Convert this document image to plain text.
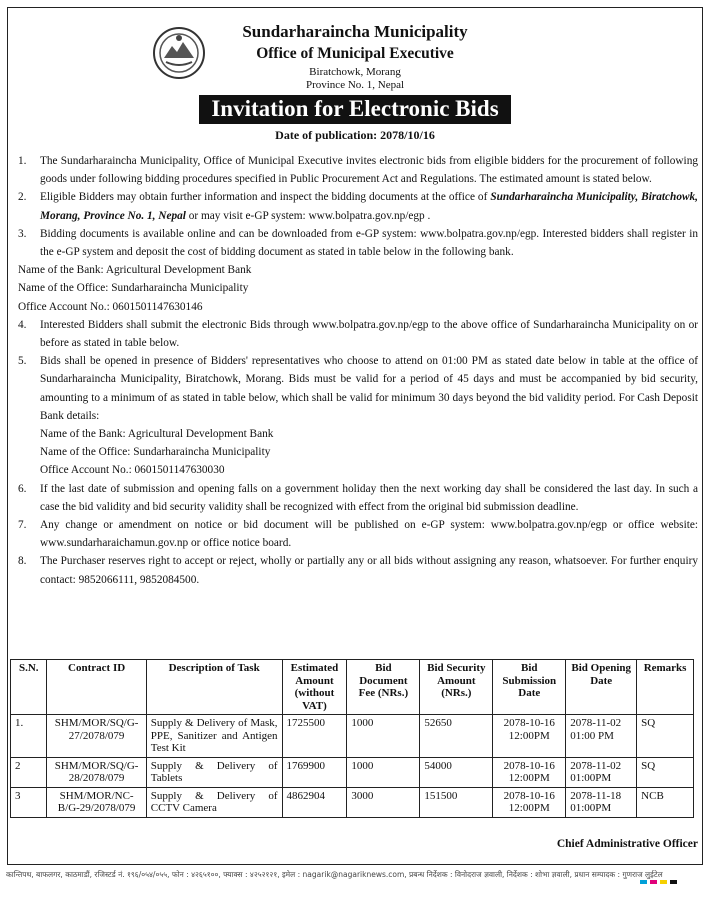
Sundarharaincha Municipality
Office of Municipal Executive
Biratchowk, Morang
Province No. 1, Nepal
Invitation for Electronic Bids
Date of publication: 2078/10/16
1.	The Sundarharaincha Municipality, Office of Municipal Executive invites electronic bids from eligible bidders for the procurement of following goods under following bidding procedures specified in Public Procurement Act and Regulations. The estimated amount is stated below.
2.	Eligible Bidders may obtain further information and inspect the bidding documents at the office of Sundarharaincha Municipality, Biratchowk, Morang, Province No. 1, Nepal or may visit e-GP system: www.bolpatra.gov.np/egp .
3.	Bidding documents is available online and can be downloaded from e-GP system: www.bolpatra.gov.np/egp. Interested bidders shall register in the e-GP system and deposit the cost of bidding document as stated in table below in the following bank.
Name of the Bank: Agricultural Development Bank
Name of the Office: Sundarharaincha Municipality
Office Account No.: 0601501147630146
4.	Interested Bidders shall submit the electronic Bids through www.bolpatra.gov.np/egp to the above office of Sundarharaincha Municipality on or before as stated in table below.
5.	Bids shall be opened in presence of Bidders' representatives who choose to attend on 01:00 PM as stated date below in table at the office of Sundarharaincha Municipality, Biratchowk, Morang. Bids must be valid for a period of 45 days and must be accompanied by bid security, amounting to a minimum of as stated in table below, which shall be valid for minimum 30 days beyond the bid validity period. For Cash Deposit Bank details:
Name of the Bank: Agricultural Development Bank
Name of the Office: Sundarharaincha Municipality
Office Account No.: 0601501147630030
6.	If the last date of submission and opening falls on a government holiday then the next working day shall be considered the last day. In such a case the bid validity and bid security validity shall be recognized with effect from the original bid submission deadline.
7.	Any change or amendment on notice or bid document will be published on e-GP system: www.bolpatra.gov.np/egp or office website: www.sundarharaichamun.gov.np or office notice board.
8.	The Purchaser reserves right to accept or reject, wholly or partially any or all bids without assigning any reason, whatsoever. For further enquiry contact: 9852066111, 9852084500.
S.N.	Contract ID	Description of Task	Estimated Amount (without VAT)	Bid Document Fee (NRs.)	Bid Security Amount (NRs.)	Bid Submission Date	Bid Opening Date	Remarks
1.	SHM/MOR/SQ/G-27/2078/079	Supply & Delivery of Mask, PPE, Sanitizer and Antigen Test Kit	1725500	1000	52650	2078-10-16 12:00PM	2078-11-02 01:00 PM	SQ
2	SHM/MOR/SQ/G-28/2078/079	Supply & Delivery of Tablets	1769900	1000	54000	2078-10-16 12:00PM	2078-11-02 01:00PM	SQ
3	SHM/MOR/NC-B/G-29/2078/079	Supply & Delivery of CCTV Camera	4862904	3000	151500	2078-10-16 12:00PM	2078-11-18 01:00PM	NCB
Chief Administrative Officer
कान्तिपथ, बाफलगर, काठमाडौं, रजिस्टर्ड नं. १९६/०५४/०५५, फोन : ४२६५१००, फ्याक्स : ४२५२१२१, इमेल : nagarik@nagariknews.com, प्रबन्ध निर्देशक : विनोदराज ज्ञवाली, निर्देशक : शोभा ज्ञवाली, प्रधान सम्पादक : गुणराज लुईटेल
